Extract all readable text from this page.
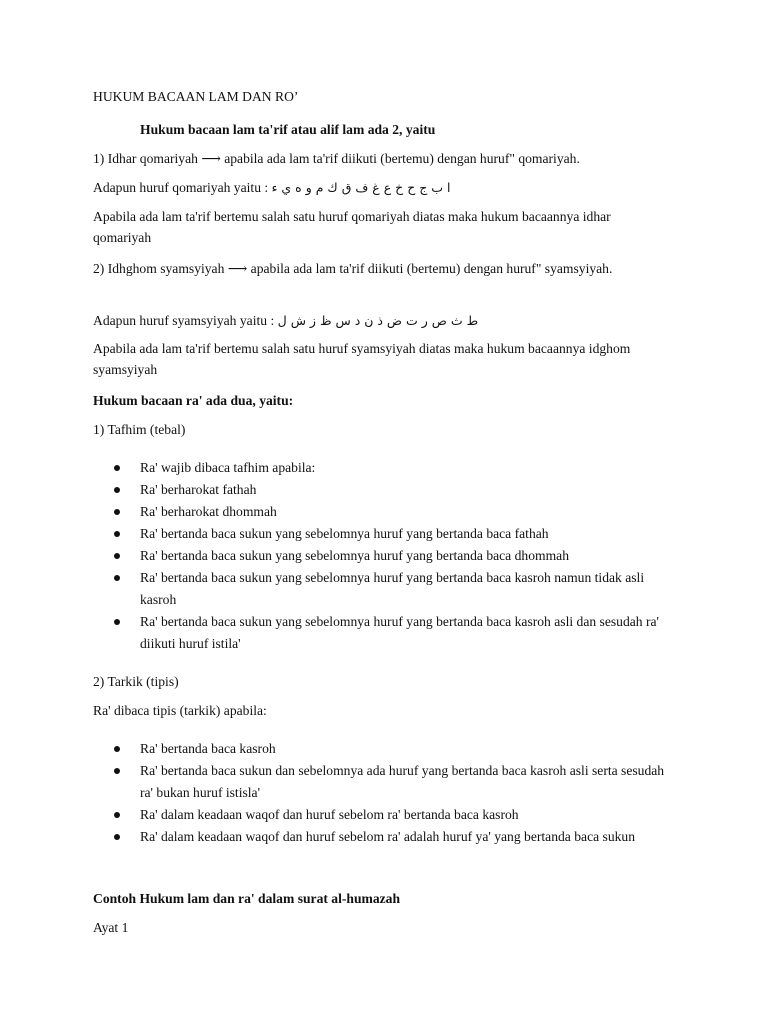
HUKUM BACAAN LAM DAN RO’
Hukum bacaan lam ta'rif atau alif lam ada 2, yaitu
1) Idhar qomariyah ⟶ apabila ada lam ta'rif diikuti (bertemu) dengan huruf" qomariyah.
Adapun huruf qomariyah yaitu : ا ب ج ح خ ع غ ف ق ك م و ه ي ء
Apabila ada lam ta'rif bertemu salah satu huruf qomariyah diatas maka hukum bacaannya idhar qomariyah
2) Idhghom syamsyiyah ⟶ apabila ada lam ta'rif diikuti (bertemu) dengan huruf" syamsyiyah.
Adapun huruf syamsyiyah yaitu : ط ث ص ر ت ض ذ ن د س ظ ز ش ل
Apabila ada lam ta'rif bertemu salah satu huruf syamsyiyah diatas maka hukum bacaannya idghom syamsyiyah
Hukum bacaan ra' ada dua, yaitu:
1) Tafhim (tebal)
Ra' wajib dibaca tafhim apabila:
Ra' berharokat fathah
Ra' berharokat dhommah
Ra' bertanda baca sukun yang sebelomnya huruf yang bertanda baca fathah
Ra' bertanda baca sukun yang sebelomnya huruf yang bertanda baca dhommah
Ra' bertanda baca sukun yang sebelomnya huruf yang bertanda baca kasroh namun tidak asli kasroh
Ra' bertanda baca sukun yang sebelomnya huruf yang bertanda baca kasroh asli dan sesudah ra' diikuti huruf istila'
2) Tarkik (tipis)
Ra' dibaca tipis (tarkik) apabila:
Ra' bertanda baca kasroh
Ra' bertanda baca sukun dan sebelomnya ada huruf yang bertanda baca kasroh asli serta sesudah ra' bukan huruf istisla'
Ra' dalam keadaan waqof dan huruf sebelom ra' bertanda baca kasroh
Ra' dalam keadaan waqof dan huruf sebelom ra' adalah huruf ya' yang bertanda baca sukun
Contoh Hukum lam dan ra' dalam surat al-humazah
Ayat 1
